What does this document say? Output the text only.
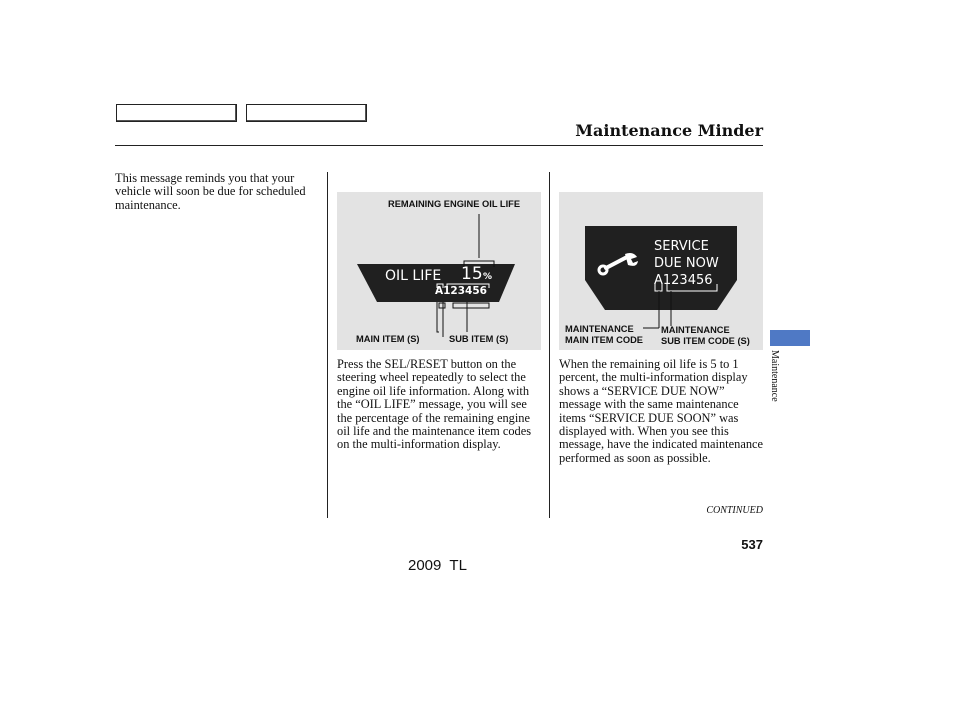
Maintenance Minder
This message reminds you that your vehicle will soon be due for scheduled maintenance.	REMAINING ENGINE OIL LIFE
OIL LIFE 15 %
A123456
MAIN ITEM (S)	SUB ITEM (S)
Press the SEL/RESET button on the steering wheel repeatedly to select the engine oil life information. Along with the “OIL LIFE” message, you will see the percentage of the remaining engine oil life and the maintenance item codes on the multi-information display.
SERVICE
DUE NOW
A123456
MAINTENANCE
MAIN ITEM CODE
MAINTENANCE
SUB ITEM CODE (S)
When the remaining oil life is 5 to 1 percent, the multi-information display shows a “SERVICE DUE NOW” message with the same maintenance items “SERVICE DUE SOON” was displayed with. When you see this message, have the indicated maintenance performed as soon as possible.
Maintenance
CONTINUED
537
2009  TL
